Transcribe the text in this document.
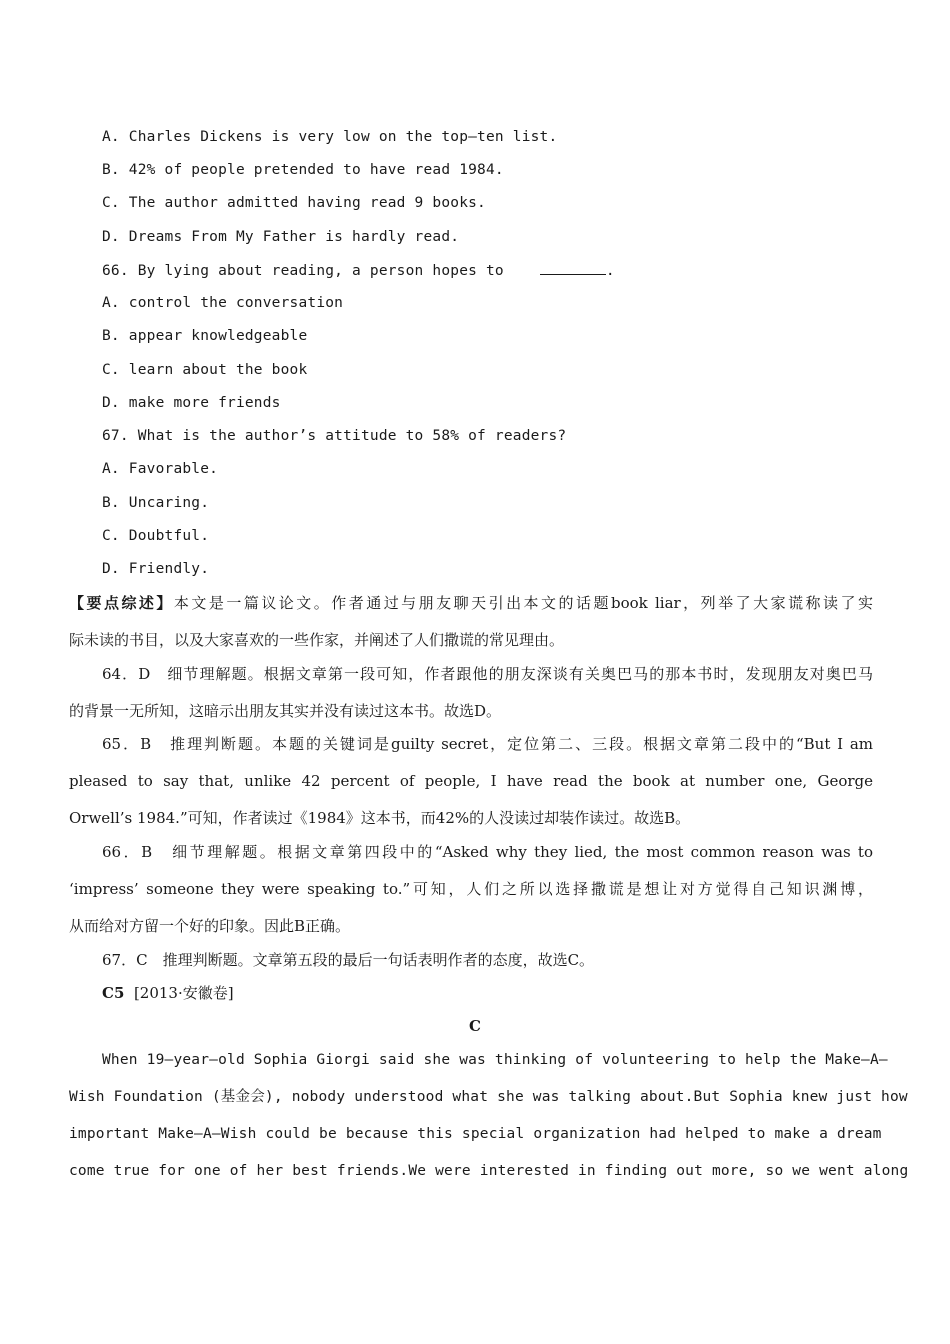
A. Charles Dickens is very low on the top—ten list.
B. 42% of people pretended to have read 1984.
C. The author admitted having read 9 books.
D. Dreams From My Father is hardly read.
66. By lying about reading, a person hopes to	.
A. control the conversation
B. appear knowledgeable
C. learn about the book
D. make more friends
67. What is the author’s attitude to 58% of readers?
A. Favorable.
B. Uncaring.
C. Doubtful.
D. Friendly.
【要点综述】本文是一篇议论文。作者通过与朋友聊天引出本文的话题book liar，列举了大家谎称读了实
际未读的书目，以及大家喜欢的一些作家，并阐述了人们撒谎的常见理由。
64．D　细节理解题。根据文章第一段可知，作者跟他的朋友深谈有关奥巴马的那本书时，发现朋友对奥巴马
的背景一无所知，这暗示出朋友其实并没有读过这本书。故选D。
65．B　推理判断题。本题的关键词是guilty secret，定位第二、三段。根据文章第二段中的“But I am
pleased to say that, unlike 42 percent of people, I have read the book at number one, George
Orwell’s 1984.”可知，作者读过《1984》这本书，而42%的人没读过却装作读过。故选B。
66．B　细节理解题。根据文章第四段中的“Asked why they lied, the most common reason was to
‘impress’ someone they were speaking to.”可知，人们之所以选择撒谎是想让对方觉得自己知识渊博，
从而给对方留一个好的印象。因此B正确。
67．C　推理判断题。文章第五段的最后一句话表明作者的态度，故选C。
C5 [2013·安徽卷]
C
When 19—year—old Sophia Giorgi said she was thinking of volunteering to help the Make—A—
Wish Foundation (基金会), nobody understood what she was talking about.But Sophia knew just how
important Make—A—Wish could be because this special organization had helped to make a dream
come true for one of her best friends.We were interested in finding out more, so we went along
